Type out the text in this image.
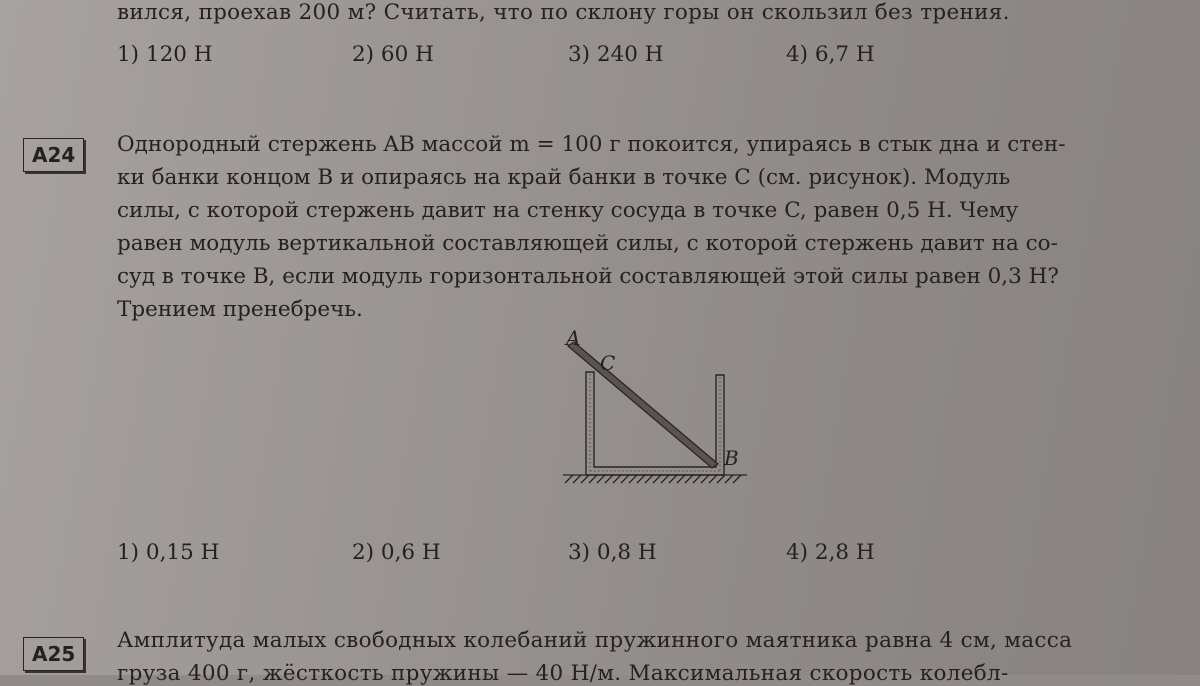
вился, проехав 200 м? Считать, что по склону горы он скользил без трения.
1) 120 Н	2) 60 Н	3) 240 Н	4) 6,7 Н
A24	Однородный стержень AB массой m = 100 г покоится, упираясь в стык дна и стен-
ки банки концом B и опираясь на край банки в точке C (см. рисунок). Модуль
силы, с которой стержень давит на стенку сосуда в точке C, равен 0,5 Н. Чему
равен модуль вертикальной составляющей силы, с которой стержень давит на со-
суд в точке B, если модуль горизонтальной составляющей этой силы равен 0,3 Н?
Трением пренебречь.
A
C
B
1) 0,15 Н	2) 0,6 Н	3) 0,8 Н	4) 2,8 Н
A25
Амплитуда малых свободных колебаний пружинного маятника равна 4 см, масса
груза 400 г, жёсткость пружины — 40 Н/м. Максимальная скорость колебл-
